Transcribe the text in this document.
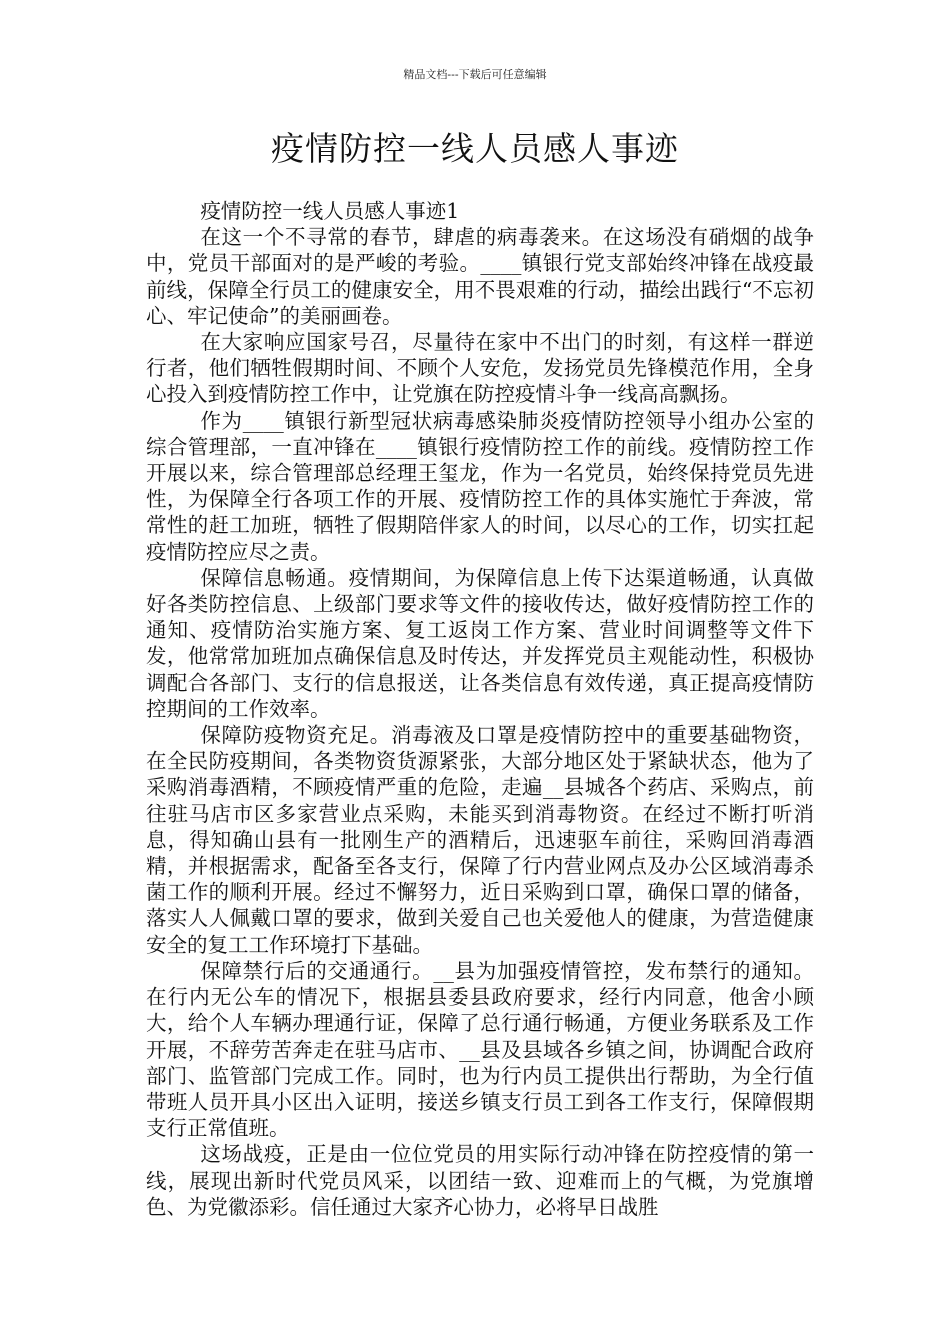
精品文档---下载后可任意编辑
疫情防控一线人员感人事迹

疫情防控一线人员感人事迹1

在这一个不寻常的春节，肆虐的病毒袭来。在这场没有硝烟的战争中，党员干部面对的是严峻的考验。____镇银行党支部始终冲锋在战疫最前线，保障全行员工的健康安全，用不畏艰难的行动，描绘出践行“不忘初心、牢记使命”的美丽画卷。

在大家响应国家号召，尽量待在家中不出门的时刻，有这样一群逆行者，他们牺牲假期时间、不顾个人安危，发扬党员先锋模范作用，全身心投入到疫情防控工作中，让党旗在防控疫情斗争一线高高飘扬。

作为____镇银行新型冠状病毒感染肺炎疫情防控领导小组办公室的综合管理部，一直冲锋在____镇银行疫情防控工作的前线。疫情防控工作开展以来，综合管理部总经理王玺龙，作为一名党员，始终保持党员先进性，为保障全行各项工作的开展、疫情防控工作的具体实施忙于奔波，常常性的赶工加班，牺牲了假期陪伴家人的时间，以尽心的工作，切实扛起疫情防控应尽之责。

保障信息畅通。疫情期间，为保障信息上传下达渠道畅通，认真做好各类防控信息、上级部门要求等文件的接收传达，做好疫情防控工作的通知、疫情防治实施方案、复工返岗工作方案、营业时间调整等文件下发，他常常加班加点确保信息及时传达，并发挥党员主观能动性，积极协调配合各部门、支行的信息报送，让各类信息有效传递，真正提高疫情防控期间的工作效率。

保障防疫物资充足。消毒液及口罩是疫情防控中的重要基础物资，在全民防疫期间，各类物资货源紧张，大部分地区处于紧缺状态，他为了采购消毒酒精，不顾疫情严重的危险，走遍__县城各个药店、采购点，前往驻马店市区多家营业点采购，未能买到消毒物资。在经过不断打听消息，得知确山县有一批刚生产的酒精后，迅速驱车前往，采购回消毒酒精，并根据需求，配备至各支行，保障了行内营业网点及办公区域消毒杀菌工作的顺利开展。经过不懈努力，近日采购到口罩，确保口罩的储备，落实人人佩戴口罩的要求，做到关爱自己也关爱他人的健康，为营造健康安全的复工工作环境打下基础。

保障禁行后的交通通行。__县为加强疫情管控，发布禁行的通知。在行内无公车的情况下，根据县委县政府要求，经行内同意，他舍小顾大，给个人车辆办理通行证，保障了总行通行畅通，方便业务联系及工作开展，不辞劳苦奔走在驻马店市、__县及县域各乡镇之间，协调配合政府部门、监管部门完成工作。同时，也为行内员工提供出行帮助，为全行值带班人员开具小区出入证明，接送乡镇支行员工到各工作支行，保障假期支行正常值班。

这场战疫，正是由一位位党员的用实际行动冲锋在防控疫情的第一线，展现出新时代党员风采，以团结一致、迎难而上的气概，为党旗增色、为党徽添彩。信任通过大家齐心协力，必将早日战胜
